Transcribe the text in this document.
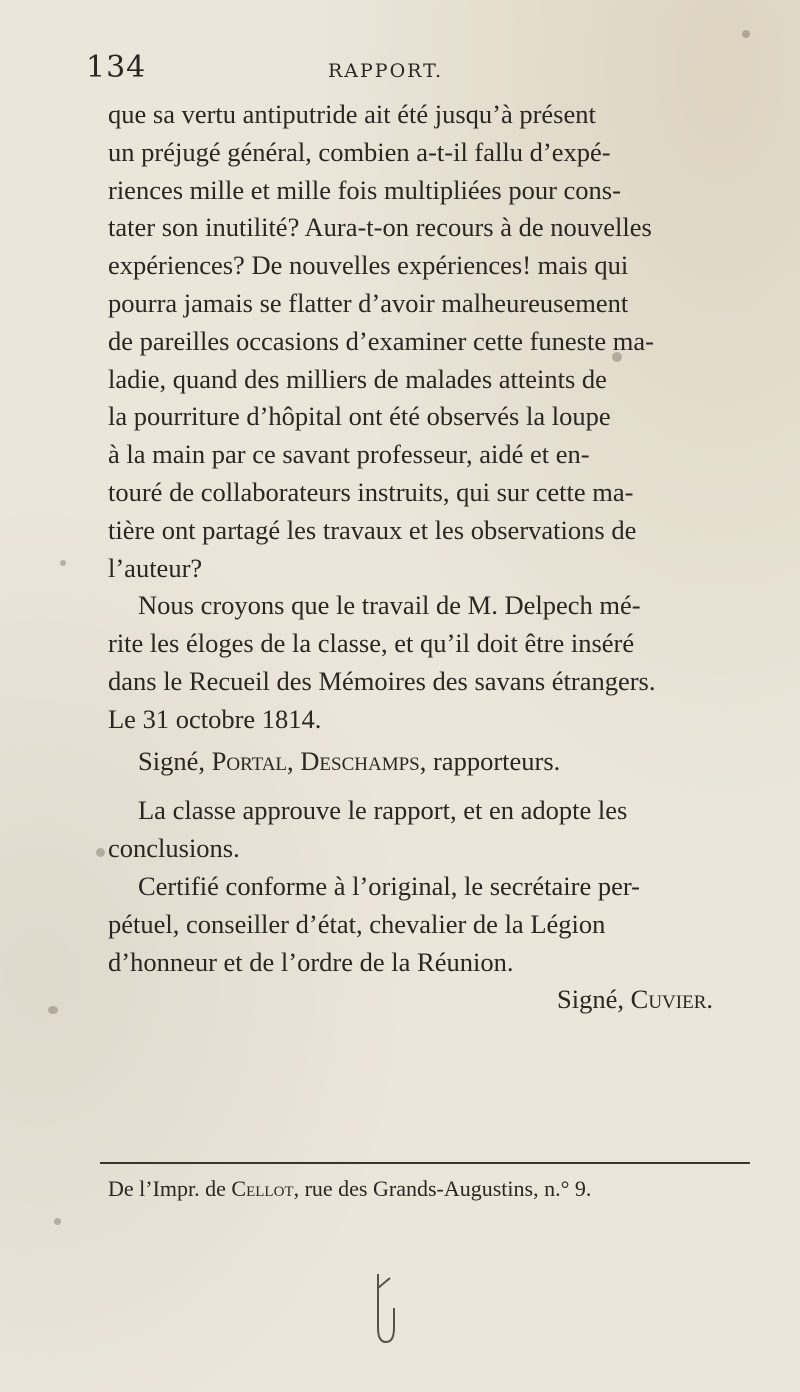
134	RAPPORT.

que sa vertu antiputride ait été jusqu’à présent
un préjugé général, combien a-t-il fallu d’expé-
riences mille et mille fois multipliées pour cons-
tater son inutilité? Aura-t-on recours à de nouvelles
expériences? De nouvelles expériences! mais qui
pourra jamais se flatter d’avoir malheureusement
de pareilles occasions d’examiner cette funeste ma-
ladie, quand des milliers de malades atteints de
la pourriture d’hôpital ont été observés la loupe
à la main par ce savant professeur, aidé et en-
touré de collaborateurs instruits, qui sur cette ma-
tière ont partagé les travaux et les observations de
l’auteur?

Nous croyons que le travail de M. Delpech mé-
rite les éloges de la classe, et qu’il doit être inséré
dans le Recueil des Mémoires des savans étrangers.
Le 31 octobre 1814.

Signé, Portal, Deschamps, rapporteurs.

La classe approuve le rapport, et en adopte les
conclusions.

Certifié conforme à l’original, le secrétaire per-
pétuel, conseiller d’état, chevalier de la Légion
d’honneur et de l’ordre de la Réunion.

Signé, Cuvier.

De l’Impr. de Cellot, rue des Grands-Augustins, n.° 9.
